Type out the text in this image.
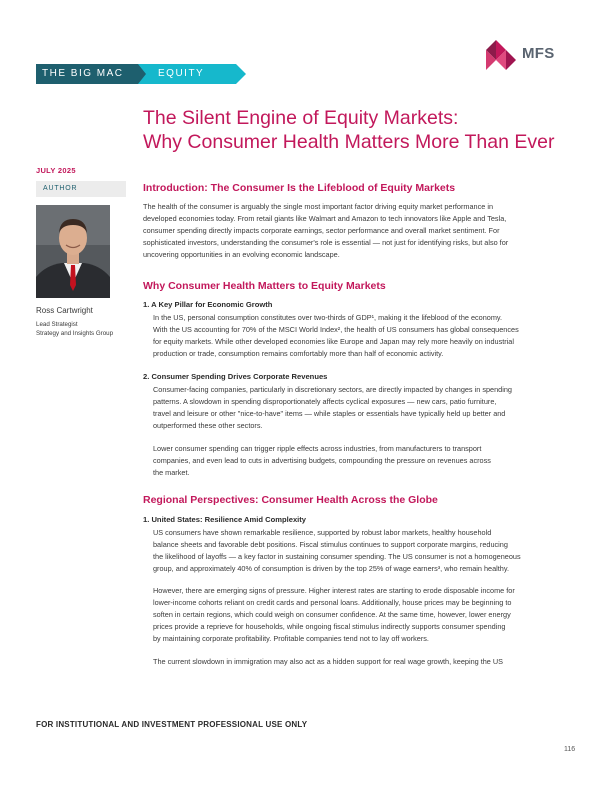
MFS
THE BIG MAC	EQUITY
The Silent Engine of Equity Markets:
Why Consumer Health Matters More Than Ever
JULY 2025
AUTHOR
Ross Cartwright
Lead Strategist
Strategy and Insights Group
Introduction: The Consumer Is the Lifeblood of Equity Markets
The health of the consumer is arguably the single most important factor driving equity market performance in
developed economies today. From retail giants like Walmart and Amazon to tech innovators like Apple and Tesla,
consumer spending directly impacts corporate earnings, sector performance and overall market sentiment. For
sophisticated investors, understanding the consumer's role is essential — not just for identifying risks, but also for
uncovering opportunities in an evolving economic landscape.
Why Consumer Health Matters to Equity Markets
1. A Key Pillar for Economic Growth
In the US, personal consumption constitutes over two-thirds of GDP¹, making it the lifeblood of the economy.
With the US accounting for 70% of the MSCI World Index², the health of US consumers has global consequences
for equity markets. While other developed economies like Europe and Japan may rely more heavily on industrial
production or trade, consumption remains comfortably more than half of economic activity.
2. Consumer Spending Drives Corporate Revenues
Consumer-facing companies, particularly in discretionary sectors, are directly impacted by changes in spending
patterns. A slowdown in spending disproportionately affects cyclical exposures — new cars, patio furniture,
travel and leisure or other "nice-to-have" items — while staples or essentials have typically held up better and
outperformed these other sectors.
Lower consumer spending can trigger ripple effects across industries, from manufacturers to transport
companies, and even lead to cuts in advertising budgets, compounding the pressure on revenues across
the market.
Regional Perspectives: Consumer Health Across the Globe
1. United States: Resilience Amid Complexity
US consumers have shown remarkable resilience, supported by robust labor markets, healthy household
balance sheets and favorable debt positions. Fiscal stimulus continues to support corporate margins, reducing
the likelihood of layoffs — a key factor in sustaining consumer spending. The US consumer is not a homogeneous
group, and approximately 40% of consumption is driven by the top 25% of wage earners³, who remain healthy.
However, there are emerging signs of pressure. Higher interest rates are starting to erode disposable income for
lower-income cohorts reliant on credit cards and personal loans. Additionally, house prices may be beginning to
soften in certain regions, which could weigh on consumer confidence. At the same time, however, lower energy
prices provide a reprieve for households, while ongoing fiscal stimulus indirectly supports consumer spending
by maintaining corporate profitability. Profitable companies tend not to lay off workers.
The current slowdown in immigration may also act as a hidden support for real wage growth, keeping the US
FOR INSTITUTIONAL AND INVESTMENT PROFESSIONAL USE ONLY
116
